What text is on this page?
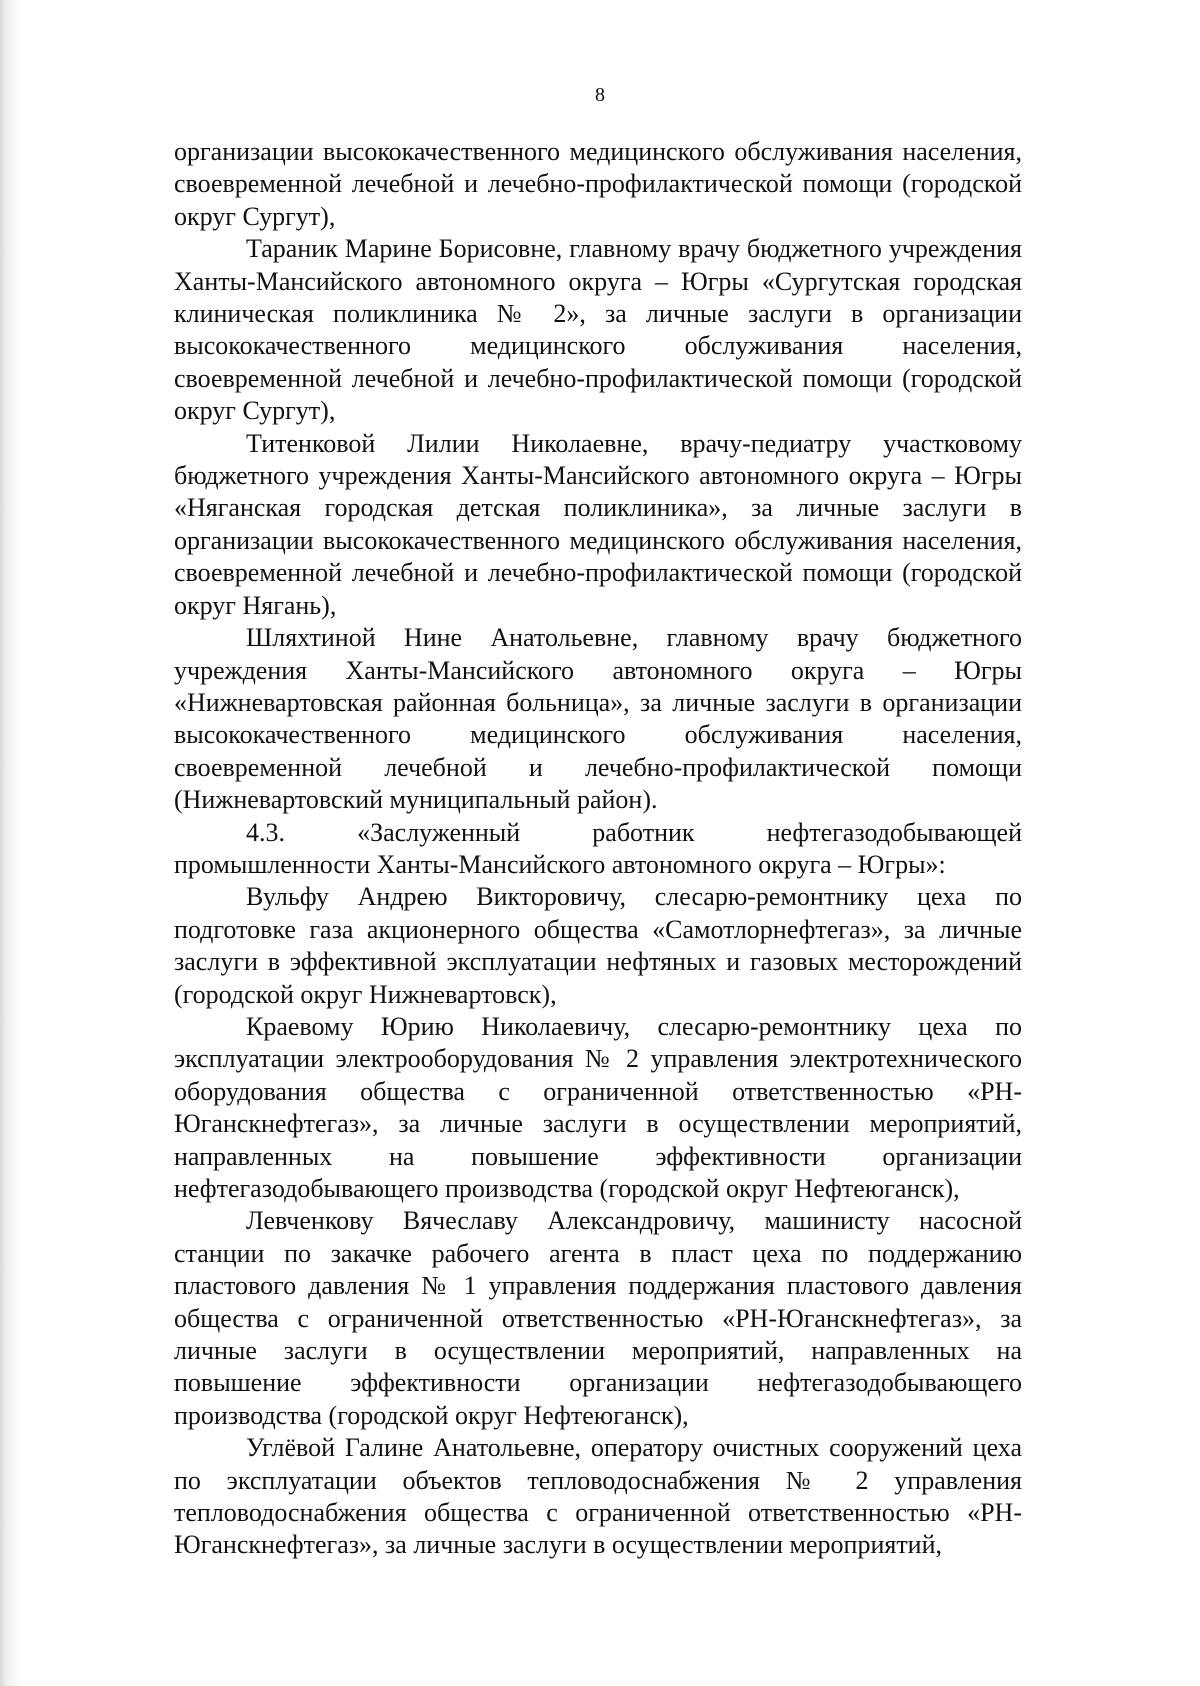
8

организации высококачественного медицинского обслуживания населения, своевременной лечебной и лечебно-профилактической помощи (городской округ Сургут),

Тараник Марине Борисовне, главному врачу бюджетного учреждения Ханты-Мансийского автономного округа – Югры «Сургутская городская клиническая поликлиника № 2», за личные заслуги в организации высококачественного медицинского обслуживания населения, своевременной лечебной и лечебно-профилактической помощи (городской округ Сургут),

Титенковой Лилии Николаевне, врачу-педиатру участковому бюджетного учреждения Ханты-Мансийского автономного округа – Югры «Няганская городская детская поликлиника», за личные заслуги в организации высококачественного медицинского обслуживания населения, своевременной лечебной и лечебно-профилактической помощи (городской округ Нягань),

Шляхтиной Нине Анатольевне, главному врачу бюджетного учреждения Ханты-Мансийского автономного округа – Югры «Нижневартовская районная больница», за личные заслуги в организации высококачественного медицинского обслуживания населения, своевременной лечебной и лечебно-профилактической помощи (Нижневартовский муниципальный район).

4.3. «Заслуженный работник нефтегазодобывающей промышленности Ханты-Мансийского автономного округа – Югры»:

Вульфу Андрею Викторовичу, слесарю-ремонтнику цеха по подготовке газа акционерного общества «Самотлорнефтегаз», за личные заслуги в эффективной эксплуатации нефтяных и газовых месторождений (городской округ Нижневартовск),

Краевому Юрию Николаевичу, слесарю-ремонтнику цеха по эксплуатации электрооборудования № 2 управления электротехнического оборудования общества с ограниченной ответственностью «РН-Юганскнефтегаз», за личные заслуги в осуществлении мероприятий, направленных на повышение эффективности организации нефтегазодобывающего производства (городской округ Нефтеюганск),

Левченкову Вячеславу Александровичу, машинисту насосной станции по закачке рабочего агента в пласт цеха по поддержанию пластового давления № 1 управления поддержания пластового давления общества с ограниченной ответственностью «РН-Юганскнефтегаз», за личные заслуги в осуществлении мероприятий, направленных на повышение эффективности организации нефтегазодобывающего производства (городской округ Нефтеюганск),

Углёвой Галине Анатольевне, оператору очистных сооружений цеха по эксплуатации объектов тепловодоснабжения № 2 управления тепловодоснабжения общества с ограниченной ответственностью «РН-Юганскнефтегаз», за личные заслуги в осуществлении мероприятий,
